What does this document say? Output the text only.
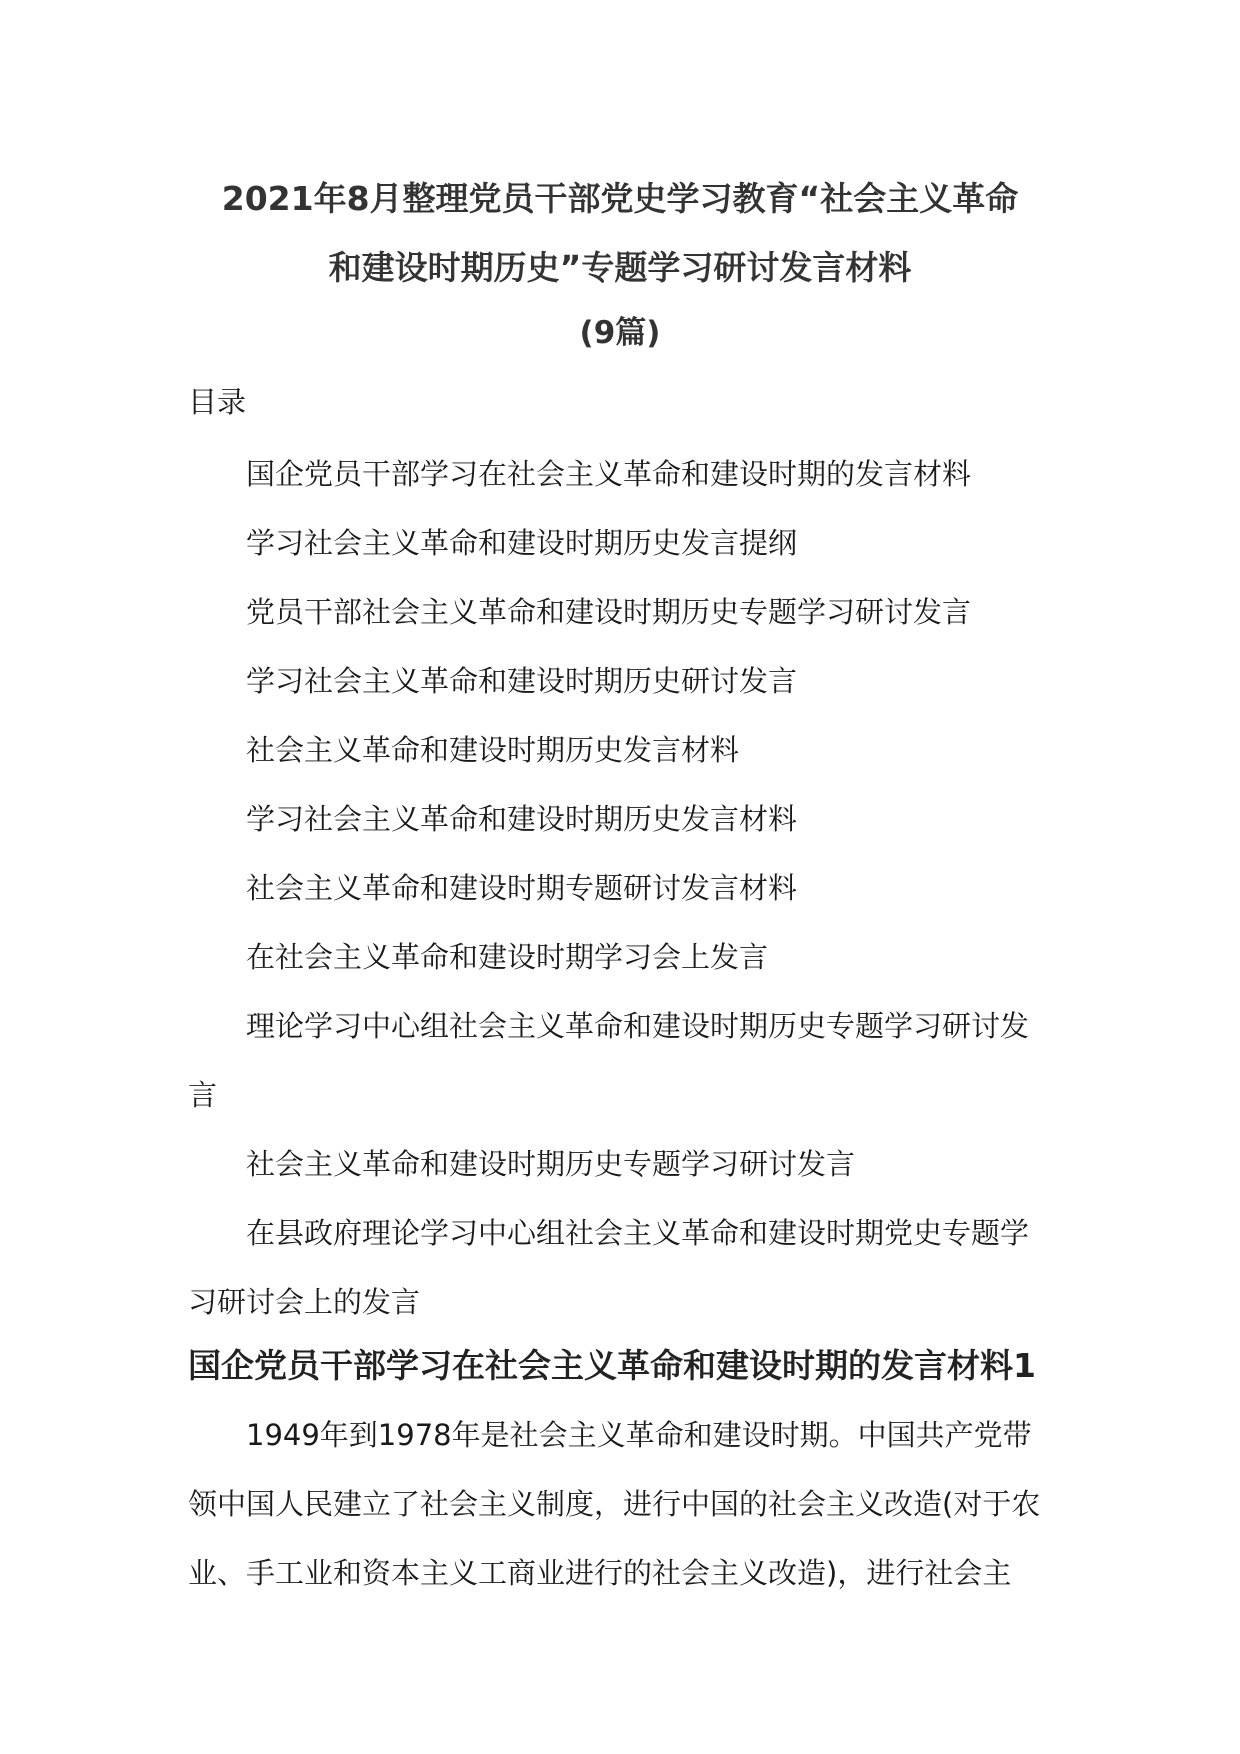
2021年8月整理党员干部党史学习教育“社会主义革命
和建设时期历史”专题学习研讨发言材料
(9篇)
目录
国企党员干部学习在社会主义革命和建设时期的发言材料
学习社会主义革命和建设时期历史发言提纲
党员干部社会主义革命和建设时期历史专题学习研讨发言
学习社会主义革命和建设时期历史研讨发言
社会主义革命和建设时期历史发言材料
学习社会主义革命和建设时期历史发言材料
社会主义革命和建设时期专题研讨发言材料
在社会主义革命和建设时期学习会上发言
理论学习中心组社会主义革命和建设时期历史专题学习研讨发言
社会主义革命和建设时期历史专题学习研讨发言
在县政府理论学习中心组社会主义革命和建设时期党史专题学习研讨会上的发言
国企党员干部学习在社会主义革命和建设时期的发言材料1

1949年到1978年是社会主义革命和建设时期。中国共产党带领中国人民建立了社会主义制度，进行中国的社会主义改造(对于农业、手工业和资本主义工商业进行的社会主义改造)，进行社会主
